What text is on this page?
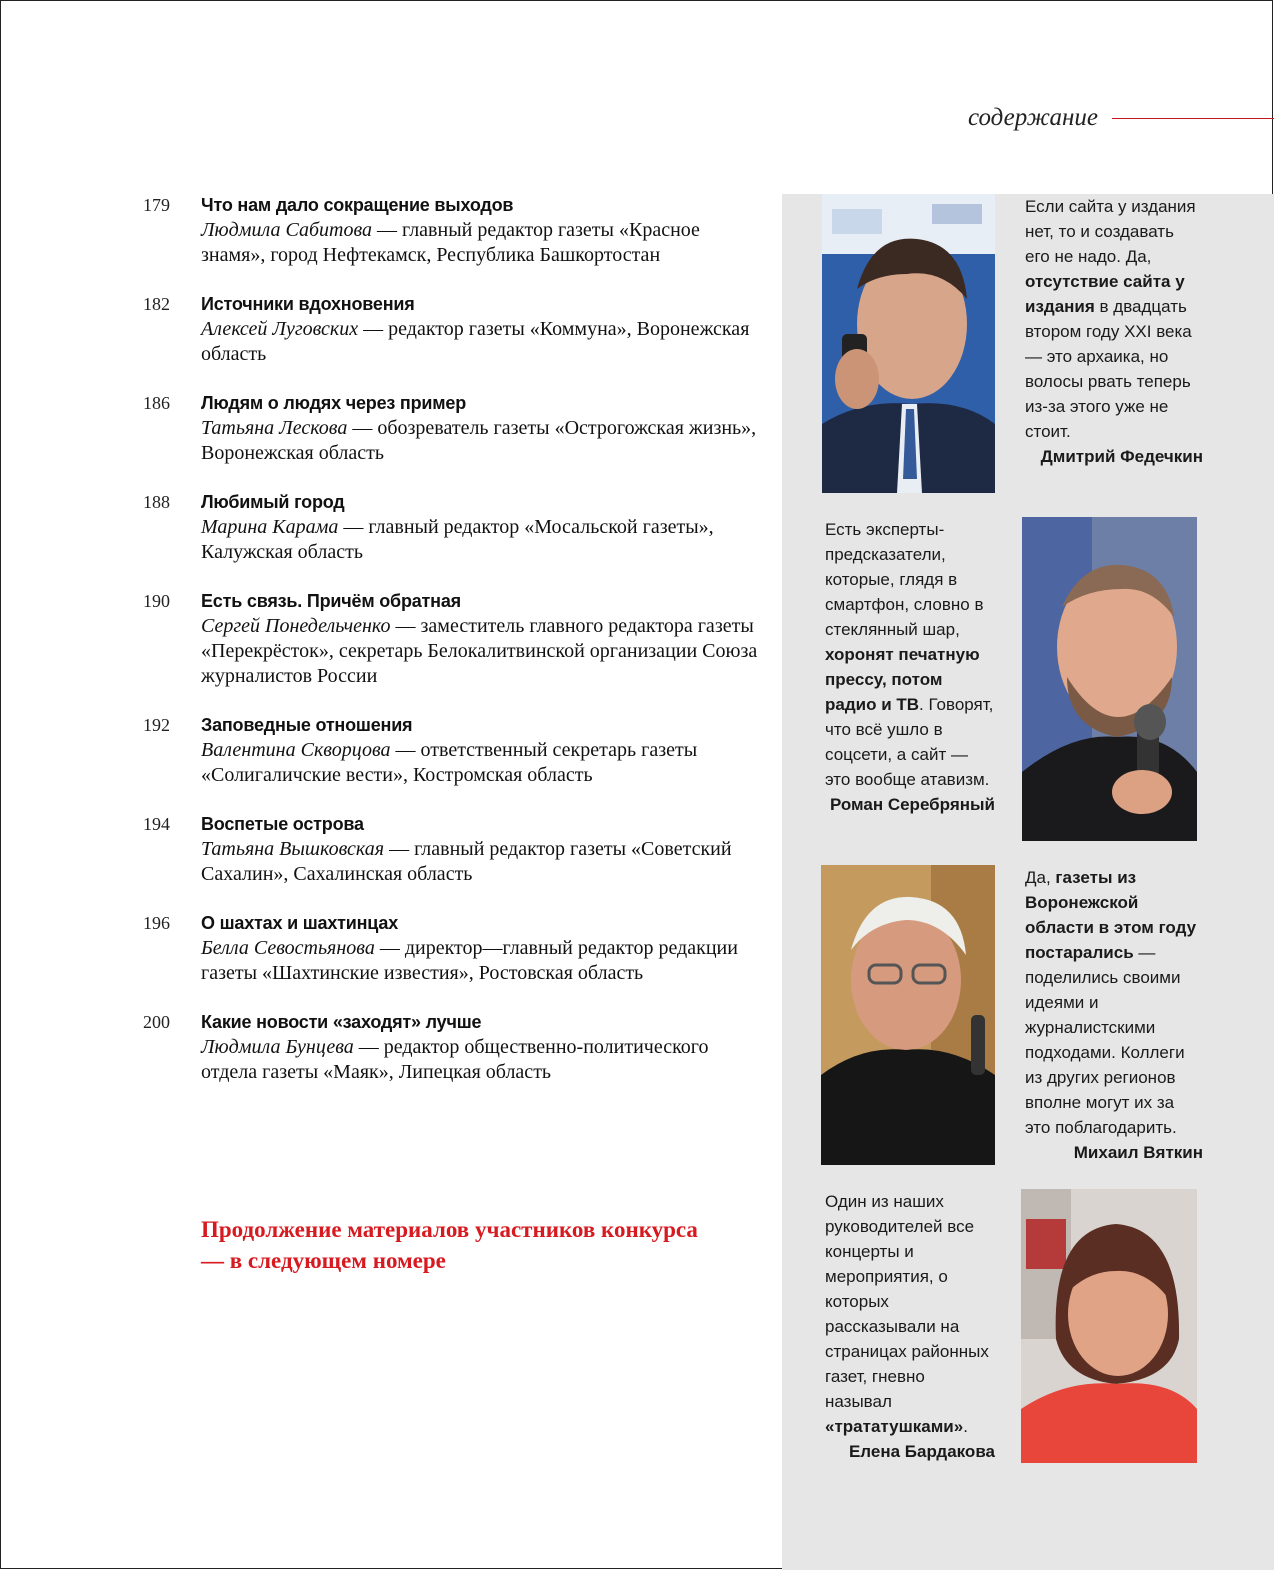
содержание
179	Что нам дало сокращение выходов
Людмила Сабитова — главный редактор газеты «Красное знамя», город Нефтекамск, Республика Башкортостан
182	Источники вдохновения
Алексей Луговских — редактор газеты «Коммуна», Воронежская область
186	Людям о людях через пример
Татьяна Лескова — обозреватель газеты «Острогожская жизнь», Воронежская область
188	Любимый город
Марина Карама — главный редактор «Мосальской газеты», Калужская область
190	Есть связь. Причём обратная
Сергей Понедельченко — заместитель главного редактора газеты «Перекрёсток», секретарь Белокалитвинской организации Союза журналистов России
192	Заповедные отношения
Валентина Скворцова — ответственный секретарь газеты «Солигаличские вести», Костромская область
194	Воспетые острова
Татьяна Вышковская — главный редактор газеты «Советский Сахалин», Сахалинская область
196	О шахтах и шахтинцах
Белла Севостьянова — директор—главный редактор редакции газеты «Шахтинские известия», Ростовская область
200	Какие новости «заходят» лучше
Людмила Бунцева — редактор общественно-политического отдела газеты «Маяк», Липецкая область
Продолжение материалов участников конкурса — в следующем номере
Если сайта у издания нет, то и создавать его не надо. Да, отсутствие сайта у издания в двадцать втором году XXI века — это архаика, но волосы рвать теперь из-за этого уже не стоит.
Дмитрий Федечкин
Есть эксперты-предсказатели, которые, глядя в смартфон, словно в стеклянный шар, хоронят печатную прессу, потом радио и ТВ. Говорят, что всё ушло в соцсети, а сайт — это вообще атавизм.
Роман Серебряный
Да, газеты из Воронежской области в этом году постарались — поделились своими идеями и журналистскими подходами. Коллеги из других регионов вполне могут их за это поблагодарить.
Михаил Вяткин
Один из наших руководителей все концерты и мероприятия, о которых рассказывали на страницах районных газет, гневно называл «трататушками».
Елена Бардакова
